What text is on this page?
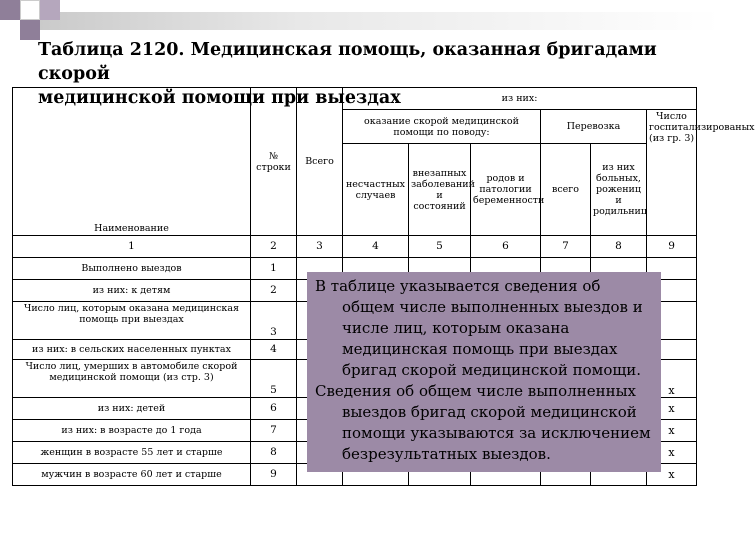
Таблица 2120. Медицинская помощь, оказанная бригадами скорой
медицинской помощи при выездах
Наименование	№ строки	Всего	из них:					
			оказание скорой медицинской помощи по поводу:			Перевозка		Число госпитализированых (из гр. 3)
			несчастных случаев	внезапных заболеваний и состояний	родов и патологии беременности	всего	из них больных, рожениц и родильниц	
1	2	3	4	5	6	7	8	9
Выполнено выездов	1							
из них: к детям	2							
Число лиц, которым оказана медицинская помощь при выездах	3							
из них: в сельских населенных пунктах	4							
Число лиц, умерших в автомобиле скорой медицинской помощи (из стр. 3)	5							x
из них: детей	6							x
из них: в возрасте до 1 года	7							x
женщин в возрасте 55 лет и старше	8							x
мужчин в возрасте 60 лет и старше	9							x

В таблице указывается сведения об общем числе выполненных выездов и числе лиц, которым оказана медицинская помощь при выездах бригад скорой медицинской помощи.

Сведения об общем числе выполненных выездов бригад скорой медицинской помощи указываются за исключением безрезультатных выездов.
